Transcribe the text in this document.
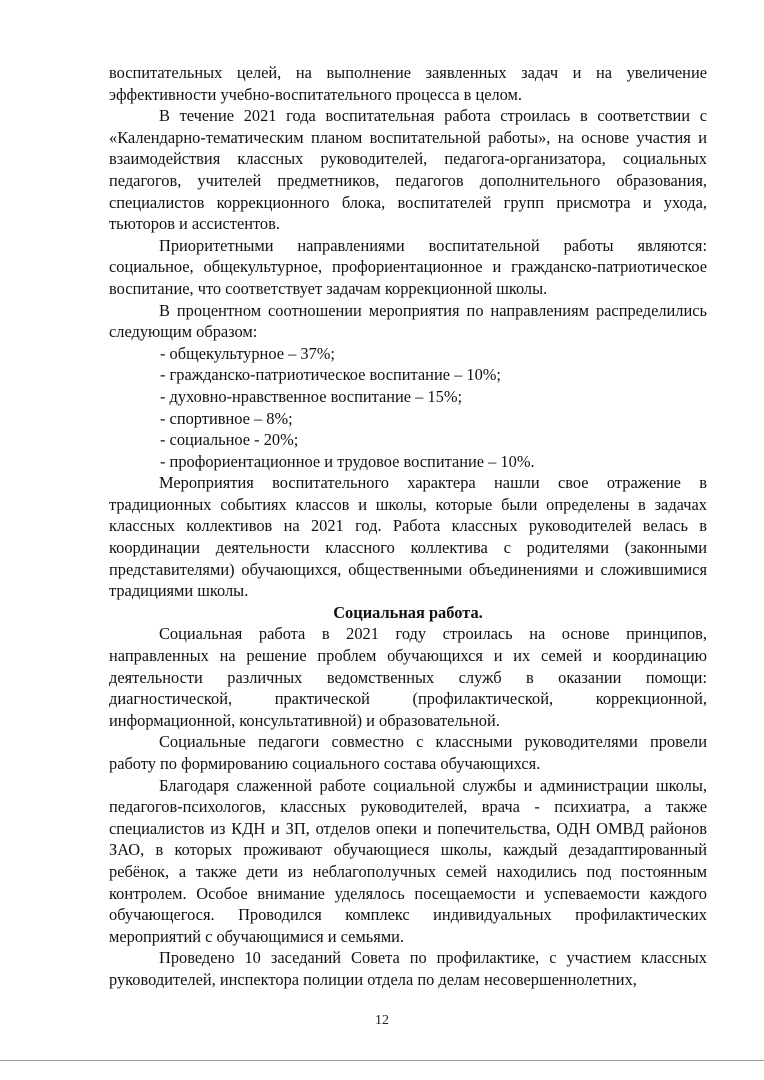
воспитательных целей, на выполнение заявленных задач и на увеличение эффективности учебно-воспитательного процесса в целом.

В течение 2021 года воспитательная работа строилась в соответствии с «Календарно-тематическим планом воспитательной работы», на основе участия и взаимодействия классных руководителей, педагога-организатора, социальных педагогов, учителей предметников, педагогов дополнительного образования, специалистов коррекционного блока, воспитателей групп присмотра и ухода, тьюторов и ассистентов.

Приоритетными направлениями воспитательной работы являются: социальное, общекультурное, профориентационное и гражданско-патриотическое воспитание, что соответствует задачам коррекционной школы.

В процентном соотношении мероприятия по направлениям распределились следующим образом:

- общекультурное – 37%;

- гражданско-патриотическое воспитание – 10%;

- духовно-нравственное воспитание – 15%;

- спортивное – 8%;

- социальное - 20%;

- профориентационное и трудовое воспитание – 10%.

Мероприятия воспитательного характера нашли свое отражение в традиционных событиях классов и школы, которые были определены в задачах классных коллективов на 2021 год. Работа классных руководителей велась в координации деятельности классного коллектива с родителями (законными представителями) обучающихся, общественными объединениями и сложившимися традициями школы.

Социальная работа.

Социальная работа в 2021 году строилась на основе принципов, направленных на решение проблем обучающихся и их семей и координацию деятельности различных ведомственных служб в оказании помощи: диагностической, практической (профилактической, коррекционной, информационной, консультативной) и образовательной.

Социальные педагоги совместно с классными руководителями провели работу по формированию социального состава обучающихся.

Благодаря слаженной работе социальной службы и администрации школы, педагогов-психологов, классных руководителей, врача - психиатра, а также специалистов из КДН и ЗП, отделов опеки и попечительства, ОДН ОМВД районов ЗАО, в которых проживают обучающиеся школы, каждый дезадаптированный ребёнок, а также дети из неблагополучных семей находились под постоянным контролем. Особое внимание уделялось посещаемости и успеваемости каждого обучающегося. Проводился комплекс индивидуальных профилактических мероприятий с обучающимися и семьями.

Проведено 10 заседаний Совета по профилактике, с участием классных руководителей, инспектора полиции отдела по делам несовершеннолетних,

12
